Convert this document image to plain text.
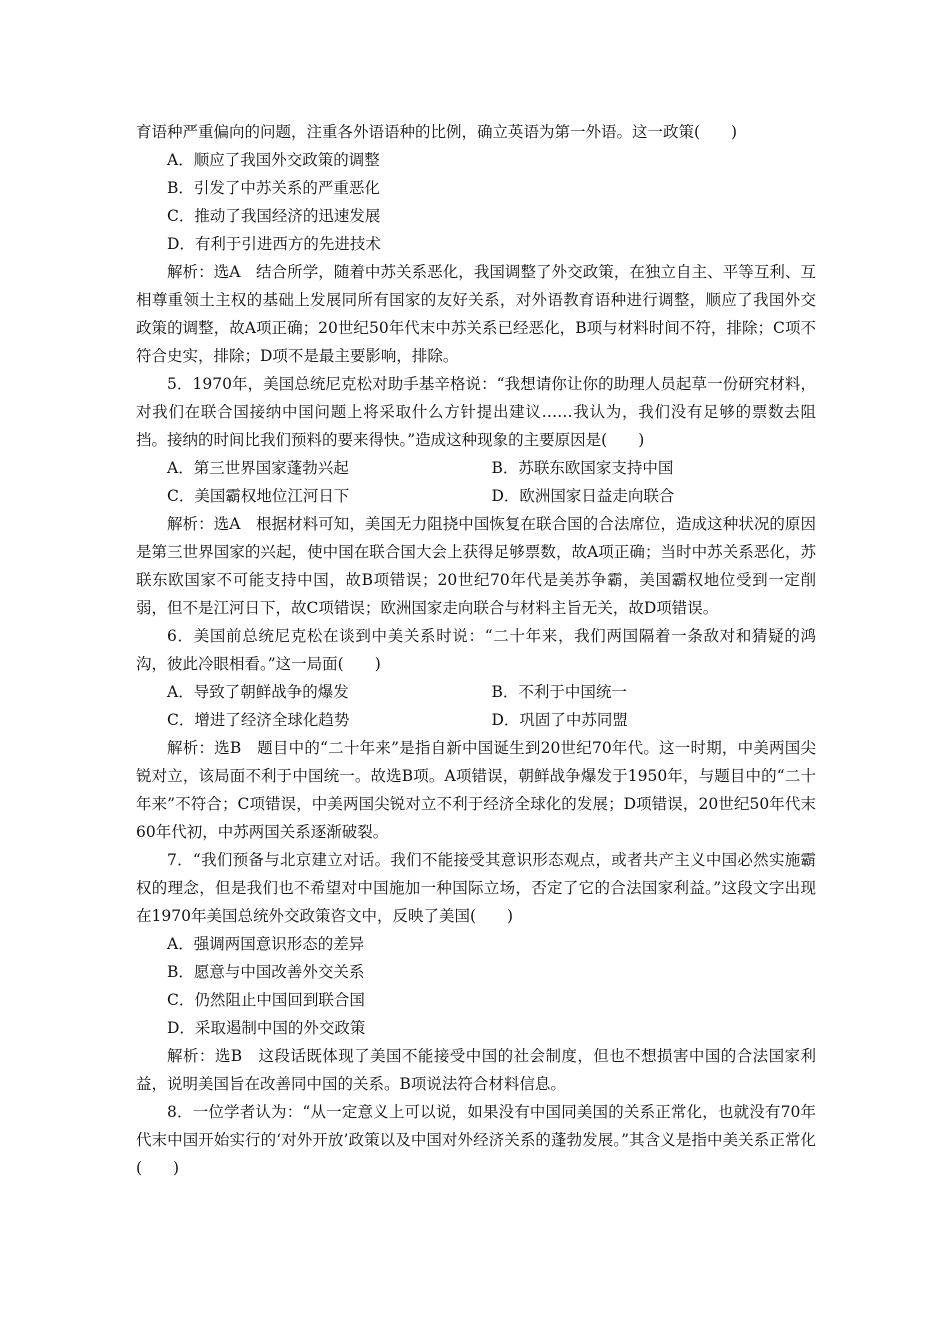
育语种严重偏向的问题，注重各外语语种的比例，确立英语为第一外语。这一政策(　　)

A．顺应了我国外交政策的调整

B．引发了中苏关系的严重恶化

C．推动了我国经济的迅速发展

D．有利于引进西方的先进技术

解析：选A　结合所学，随着中苏关系恶化，我国调整了外交政策，在独立自主、平等互利、互相尊重领土主权的基础上发展同所有国家的友好关系，对外语教育语种进行调整，顺应了我国外交政策的调整，故A项正确；20世纪50年代末中苏关系已经恶化，B项与材料时间不符，排除；C项不符合史实，排除；D项不是最主要影响，排除。

5．1970年，美国总统尼克松对助手基辛格说：“我想请你让你的助理人员起草一份研究材料，对我们在联合国接纳中国问题上将采取什么方针提出建议……我认为，我们没有足够的票数去阻挡。接纳的时间比我们预料的要来得快。”造成这种现象的主要原因是(　　)

A．第三世界国家蓬勃兴起	B．苏联东欧国家支持中国
C．美国霸权地位江河日下	D．欧洲国家日益走向联合

解析：选A　根据材料可知，美国无力阻挠中国恢复在联合国的合法席位，造成这种状况的原因是第三世界国家的兴起，使中国在联合国大会上获得足够票数，故A项正确；当时中苏关系恶化，苏联东欧国家不可能支持中国，故B项错误；20世纪70年代是美苏争霸，美国霸权地位受到一定削弱，但不是江河日下，故C项错误；欧洲国家走向联合与材料主旨无关，故D项错误。

6．美国前总统尼克松在谈到中美关系时说：“二十年来，我们两国隔着一条敌对和猜疑的鸿沟，彼此冷眼相看。”这一局面(　　)

A．导致了朝鲜战争的爆发	B．不利于中国统一
C．增进了经济全球化趋势	D．巩固了中苏同盟

解析：选B　题目中的“二十年来”是指自新中国诞生到20世纪70年代。这一时期，中美两国尖锐对立，该局面不利于中国统一。故选B项。A项错误，朝鲜战争爆发于1950年，与题目中的“二十年来”不符合；C项错误，中美两国尖锐对立不利于经济全球化的发展；D项错误，20世纪50年代末60年代初，中苏两国关系逐渐破裂。

7．“我们预备与北京建立对话。我们不能接受其意识形态观点，或者共产主义中国必然实施霸权的理念，但是我们也不希望对中国施加一种国际立场，否定了它的合法国家利益。”这段文字出现在1970年美国总统外交政策咨文中，反映了美国(　　)

A．强调两国意识形态的差异

B．愿意与中国改善外交关系

C．仍然阻止中国回到联合国

D．采取遏制中国的外交政策

解析：选B　这段话既体现了美国不能接受中国的社会制度，但也不想损害中国的合法国家利益，说明美国旨在改善同中国的关系。B项说法符合材料信息。

8．一位学者认为：“从一定意义上可以说，如果没有中国同美国的关系正常化，也就没有70年代末中国开始实行的‘对外开放’政策以及中国对外经济关系的蓬勃发展。”其含义是指中美关系正常化(　　)
